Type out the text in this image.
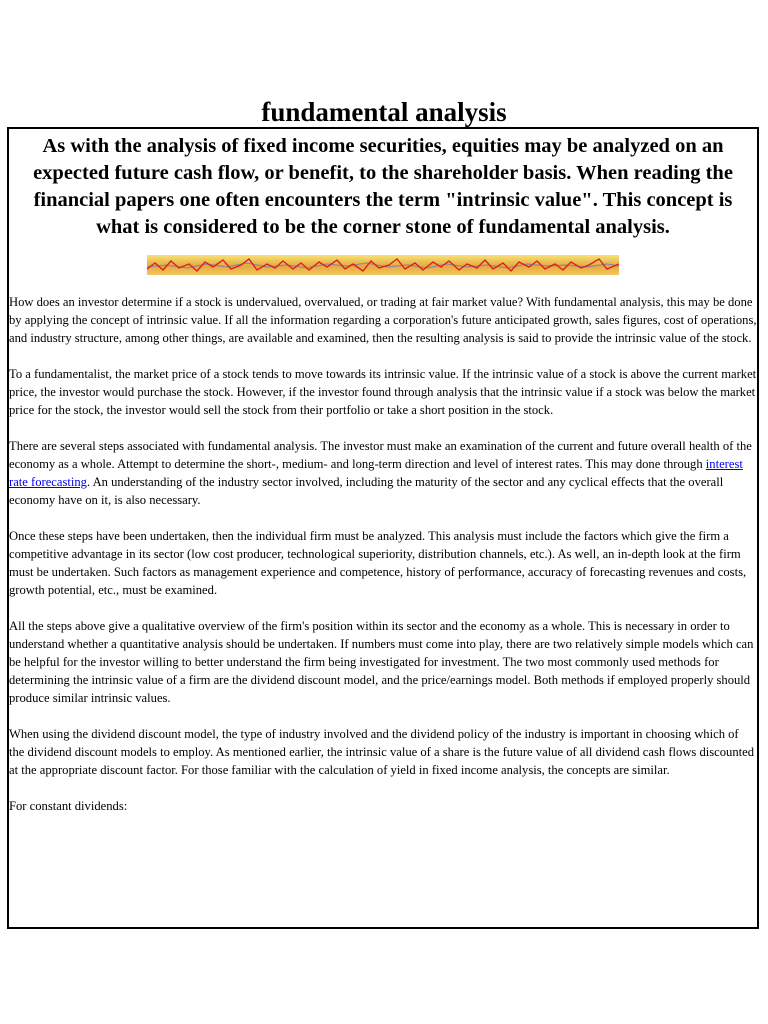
fundamental analysis

As with the analysis of fixed income securities, equities may be analyzed on an expected future cash flow, or benefit, to the shareholder basis. When reading the financial papers one often encounters the term "intrinsic value". This concept is what is considered to be the corner stone of fundamental analysis.

How does an investor determine if a stock is undervalued, overvalued, or trading at fair market value? With fundamental analysis, this may be done by applying the concept of intrinsic value. If all the information regarding a corporation's future anticipated growth, sales figures, cost of operations, and industry structure, among other things, are available and examined, then the resulting analysis is said to provide the intrinsic value of the stock.

To a fundamentalist, the market price of a stock tends to move towards its intrinsic value. If the intrinsic value of a stock is above the current market price, the investor would purchase the stock. However, if the investor found through analysis that the intrinsic value if a stock was below the market price for the stock, the investor would sell the stock from their portfolio or take a short position in the stock.

There are several steps associated with fundamental analysis. The investor must make an examination of the current and future overall health of the economy as a whole. Attempt to determine the short-, medium- and long-term direction and level of interest rates. This may done through interest rate forecasting. An understanding of the industry sector involved, including the maturity of the sector and any cyclical effects that the overall economy have on it, is also necessary.

Once these steps have been undertaken, then the individual firm must be analyzed. This analysis must include the factors which give the firm a competitive advantage in its sector (low cost producer, technological superiority, distribution channels, etc.). As well, an in-depth look at the firm must be undertaken. Such factors as management experience and competence, history of performance, accuracy of forecasting revenues and costs, growth potential, etc., must be examined.

All the steps above give a qualitative overview of the firm's position within its sector and the economy as a whole. This is necessary in order to understand whether a quantitative analysis should be undertaken. If numbers must come into play, there are two relatively simple models which can be helpful for the investor willing to better understand the firm being investigated for investment. The two most commonly used methods for determining the intrinsic value of a firm are the dividend discount model, and the price/earnings model. Both methods if employed properly should produce similar intrinsic values.

When using the dividend discount model, the type of industry involved and the dividend policy of the industry is important in choosing which of the dividend discount models to employ. As mentioned earlier, the intrinsic value of a share is the future value of all dividend cash flows discounted at the appropriate discount factor. For those familiar with the calculation of yield in fixed income analysis, the concepts are similar.

For constant dividends:
